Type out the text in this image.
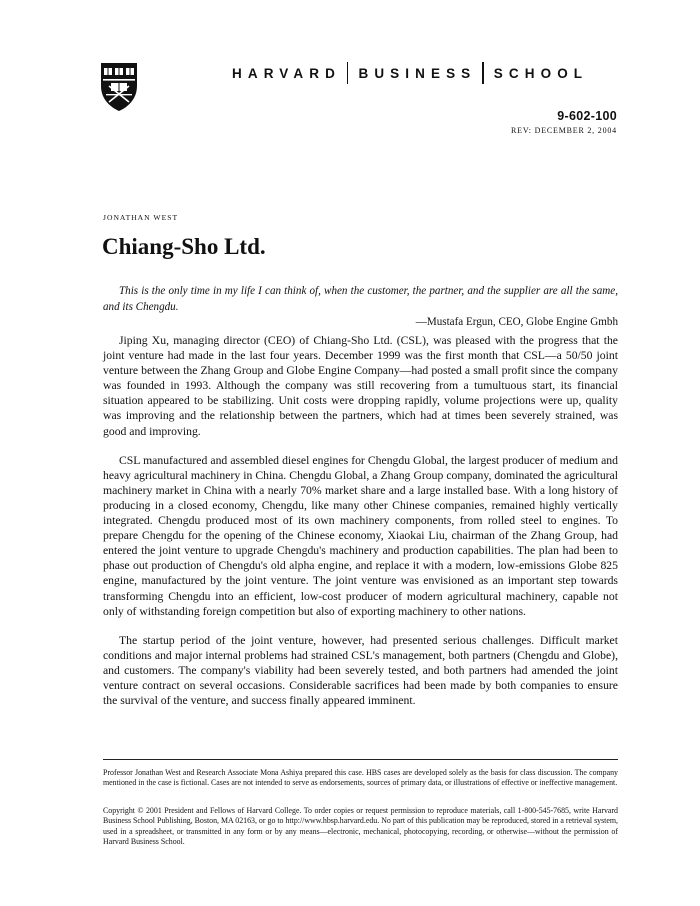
HARVARD BUSINESS SCHOOL
9-602-100
REV: DECEMBER 2, 2004
JONATHAN WEST
Chiang-Sho Ltd.

This is the only time in my life I can think of, when the customer, the partner, and the supplier are all the same, and its Chengdu.

—Mustafa Ergun, CEO, Globe Engine Gmbh

Jiping Xu, managing director (CEO) of Chiang-Sho Ltd. (CSL), was pleased with the progress that the joint venture had made in the last four years. December 1999 was the first month that CSL—a 50/50 joint venture between the Zhang Group and Globe Engine Company—had posted a small profit since the company was founded in 1993. Although the company was still recovering from a tumultuous start, its financial situation appeared to be stabilizing. Unit costs were dropping rapidly, volume projections were up, quality was improving and the relationship between the partners, which had at times been severely strained, was good and improving.

CSL manufactured and assembled diesel engines for Chengdu Global, the largest producer of medium and heavy agricultural machinery in China. Chengdu Global, a Zhang Group company, dominated the agricultural machinery market in China with a nearly 70% market share and a large installed base. With a long history of producing in a closed economy, Chengdu, like many other Chinese companies, remained highly vertically integrated. Chengdu produced most of its own machinery components, from rolled steel to engines. To prepare Chengdu for the opening of the Chinese economy, Xiaokai Liu, chairman of the Zhang Group, had entered the joint venture to upgrade Chengdu's machinery and production capabilities. The plan had been to phase out production of Chengdu's old alpha engine, and replace it with a modern, low-emissions Globe 825 engine, manufactured by the joint venture. The joint venture was envisioned as an important step towards transforming Chengdu into an efficient, low-cost producer of modern agricultural machinery, capable not only of withstanding foreign competition but also of exporting machinery to other nations.

The startup period of the joint venture, however, had presented serious challenges. Difficult market conditions and major internal problems had strained CSL's management, both partners (Chengdu and Globe), and customers. The company's viability had been severely tested, and both partners had amended the joint venture contract on several occasions. Considerable sacrifices had been made by both companies to ensure the survival of the venture, and success finally appeared imminent.

Professor Jonathan West and Research Associate Mona Ashiya prepared this case. HBS cases are developed solely as the basis for class discussion. The company mentioned in the case is fictional. Cases are not intended to serve as endorsements, sources of primary data, or illustrations of effective or ineffective management.

Copyright © 2001 President and Fellows of Harvard College. To order copies or request permission to reproduce materials, call 1-800-545-7685, write Harvard Business School Publishing, Boston, MA 02163, or go to http://www.hbsp.harvard.edu. No part of this publication may be reproduced, stored in a retrieval system, used in a spreadsheet, or transmitted in any form or by any means—electronic, mechanical, photocopying, recording, or otherwise—without the permission of Harvard Business School.
